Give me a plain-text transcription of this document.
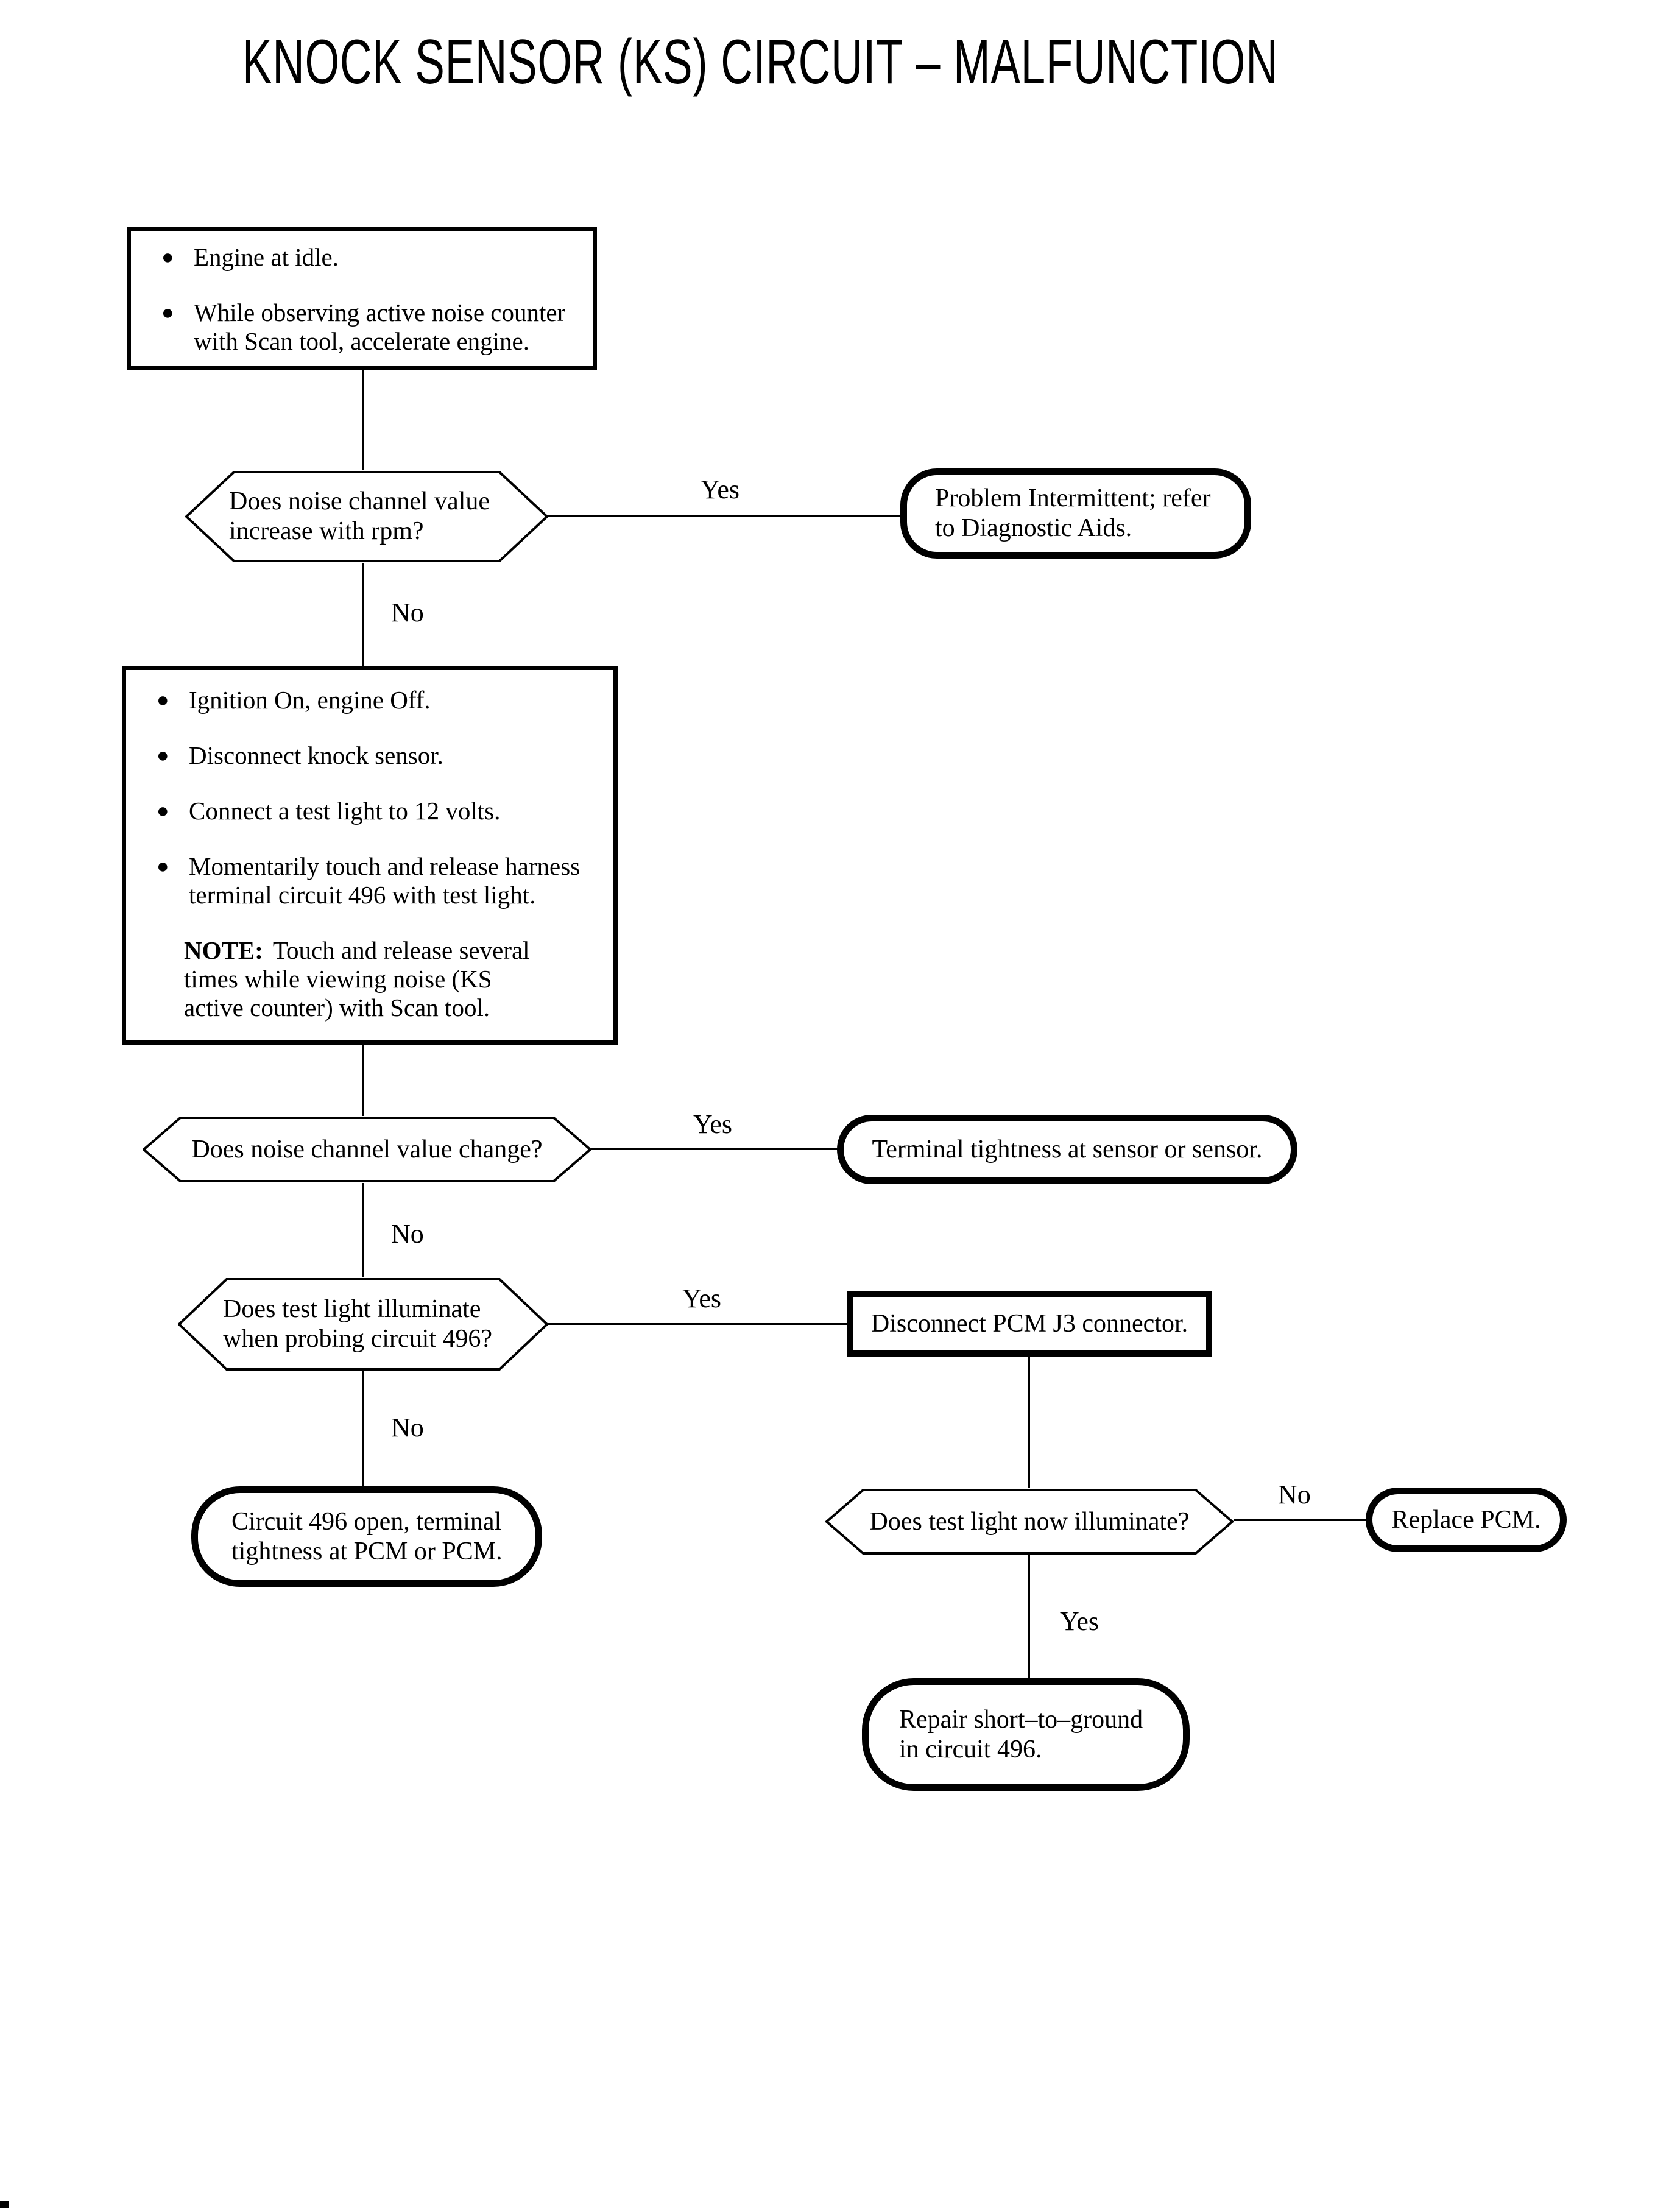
KNOCK SENSOR (KS) CIRCUIT – MALFUNCTION
● Engine at idle.
● While observing active noise counter
with Scan tool, accelerate engine.
Does noise channel value
increase with rpm?
Yes	Problem Intermittent; refer
to Diagnostic Aids.
No
● Ignition On, engine Off.
● Disconnect knock sensor.
● Connect a test light to 12 volts.
● Momentarily touch and release harness
terminal circuit 496 with test light.
NOTE: Touch and release several
times while viewing noise (KS
active counter) with Scan tool.
Does noise channel value change?
Yes
Terminal tightness at sensor or sensor.
No
Does test light illuminate
when probing circuit 496?
Yes
Disconnect PCM J3 connector.
No
Circuit 496 open, terminal
tightness at PCM or PCM.
Does test light now illuminate?
No
Replace PCM.
Yes
Repair short–to–ground
in circuit 496.
